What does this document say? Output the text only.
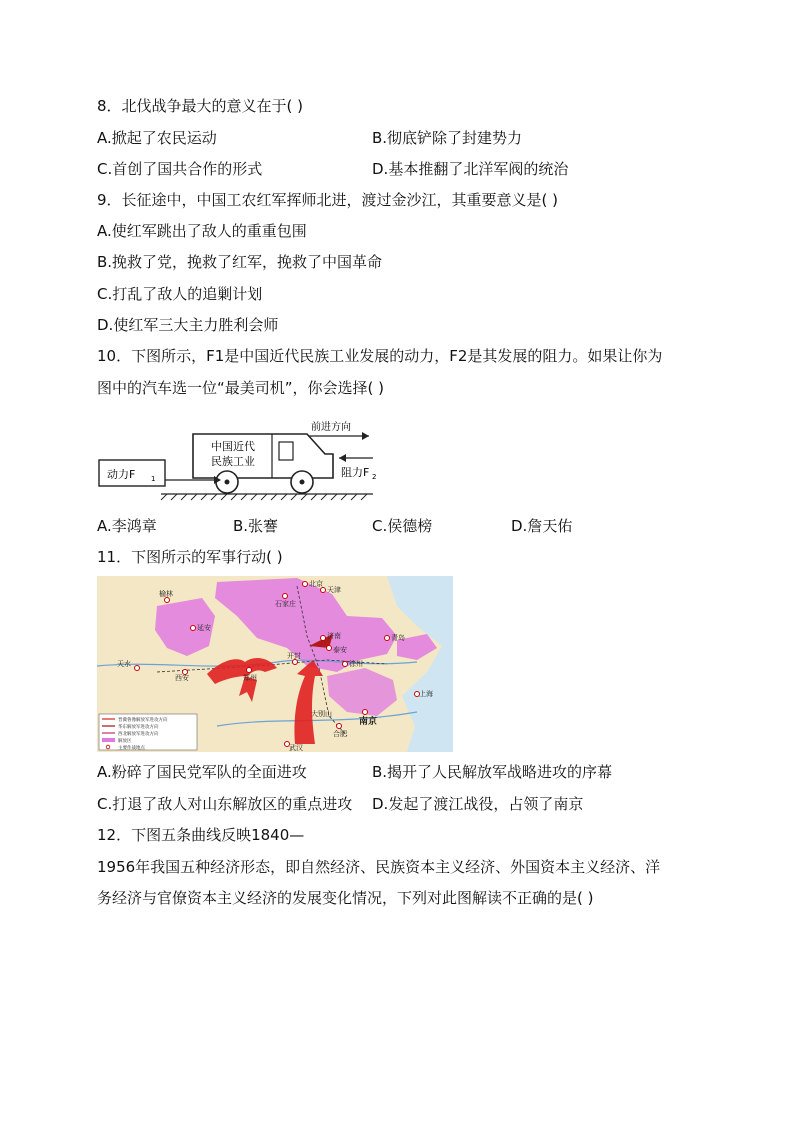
8．北伐战争最大的意义在于( )
A.掀起了农民运动	B.彻底铲除了封建势力
C.首创了国共合作的形式	D.基本推翻了北洋军阀的统治
9．长征途中，中国工农红军挥师北进，渡过金沙江，其重要意义是( )
A.使红军跳出了敌人的重重包围
B.挽救了党，挽救了红军，挽救了中国革命
C.打乱了敌人的追剿计划
D.使红军三大主力胜利会师
10．下图所示，F1是中国近代民族工业发展的动力，F2是其发展的阻力。如果让你为
图中的汽车选一位“最美司机”，你会选择( )
中国近代
民族工业
前进方向
阻力F 2
动力F 1
A.李鸿章	B.张謇	C.侯德榜	D.詹天佑
11．下图所示的军事行动( )
北京
天津
石家庄
济南	青岛
泰安
徐州
开封
郑州
西安
天水
南京
上海
合肥
武汉
榆林
延安
大别山
晋冀鲁豫解放军进攻方向
华东解放军进攻方向
西北解放军进攻方向
解放区
主要作战地点
A.粉碎了国民党军队的全面进攻	B.揭开了人民解放军战略进攻的序幕
C.打退了敌人对山东解放区的重点进攻 D.发起了渡江战役，占领了南京
12．下图五条曲线反映1840—
1956年我国五种经济形态，即自然经济、民族资本主义经济、外国资本主义经济、洋
务经济与官僚资本主义经济的发展变化情况，下列对此图解读不正确的是( )
